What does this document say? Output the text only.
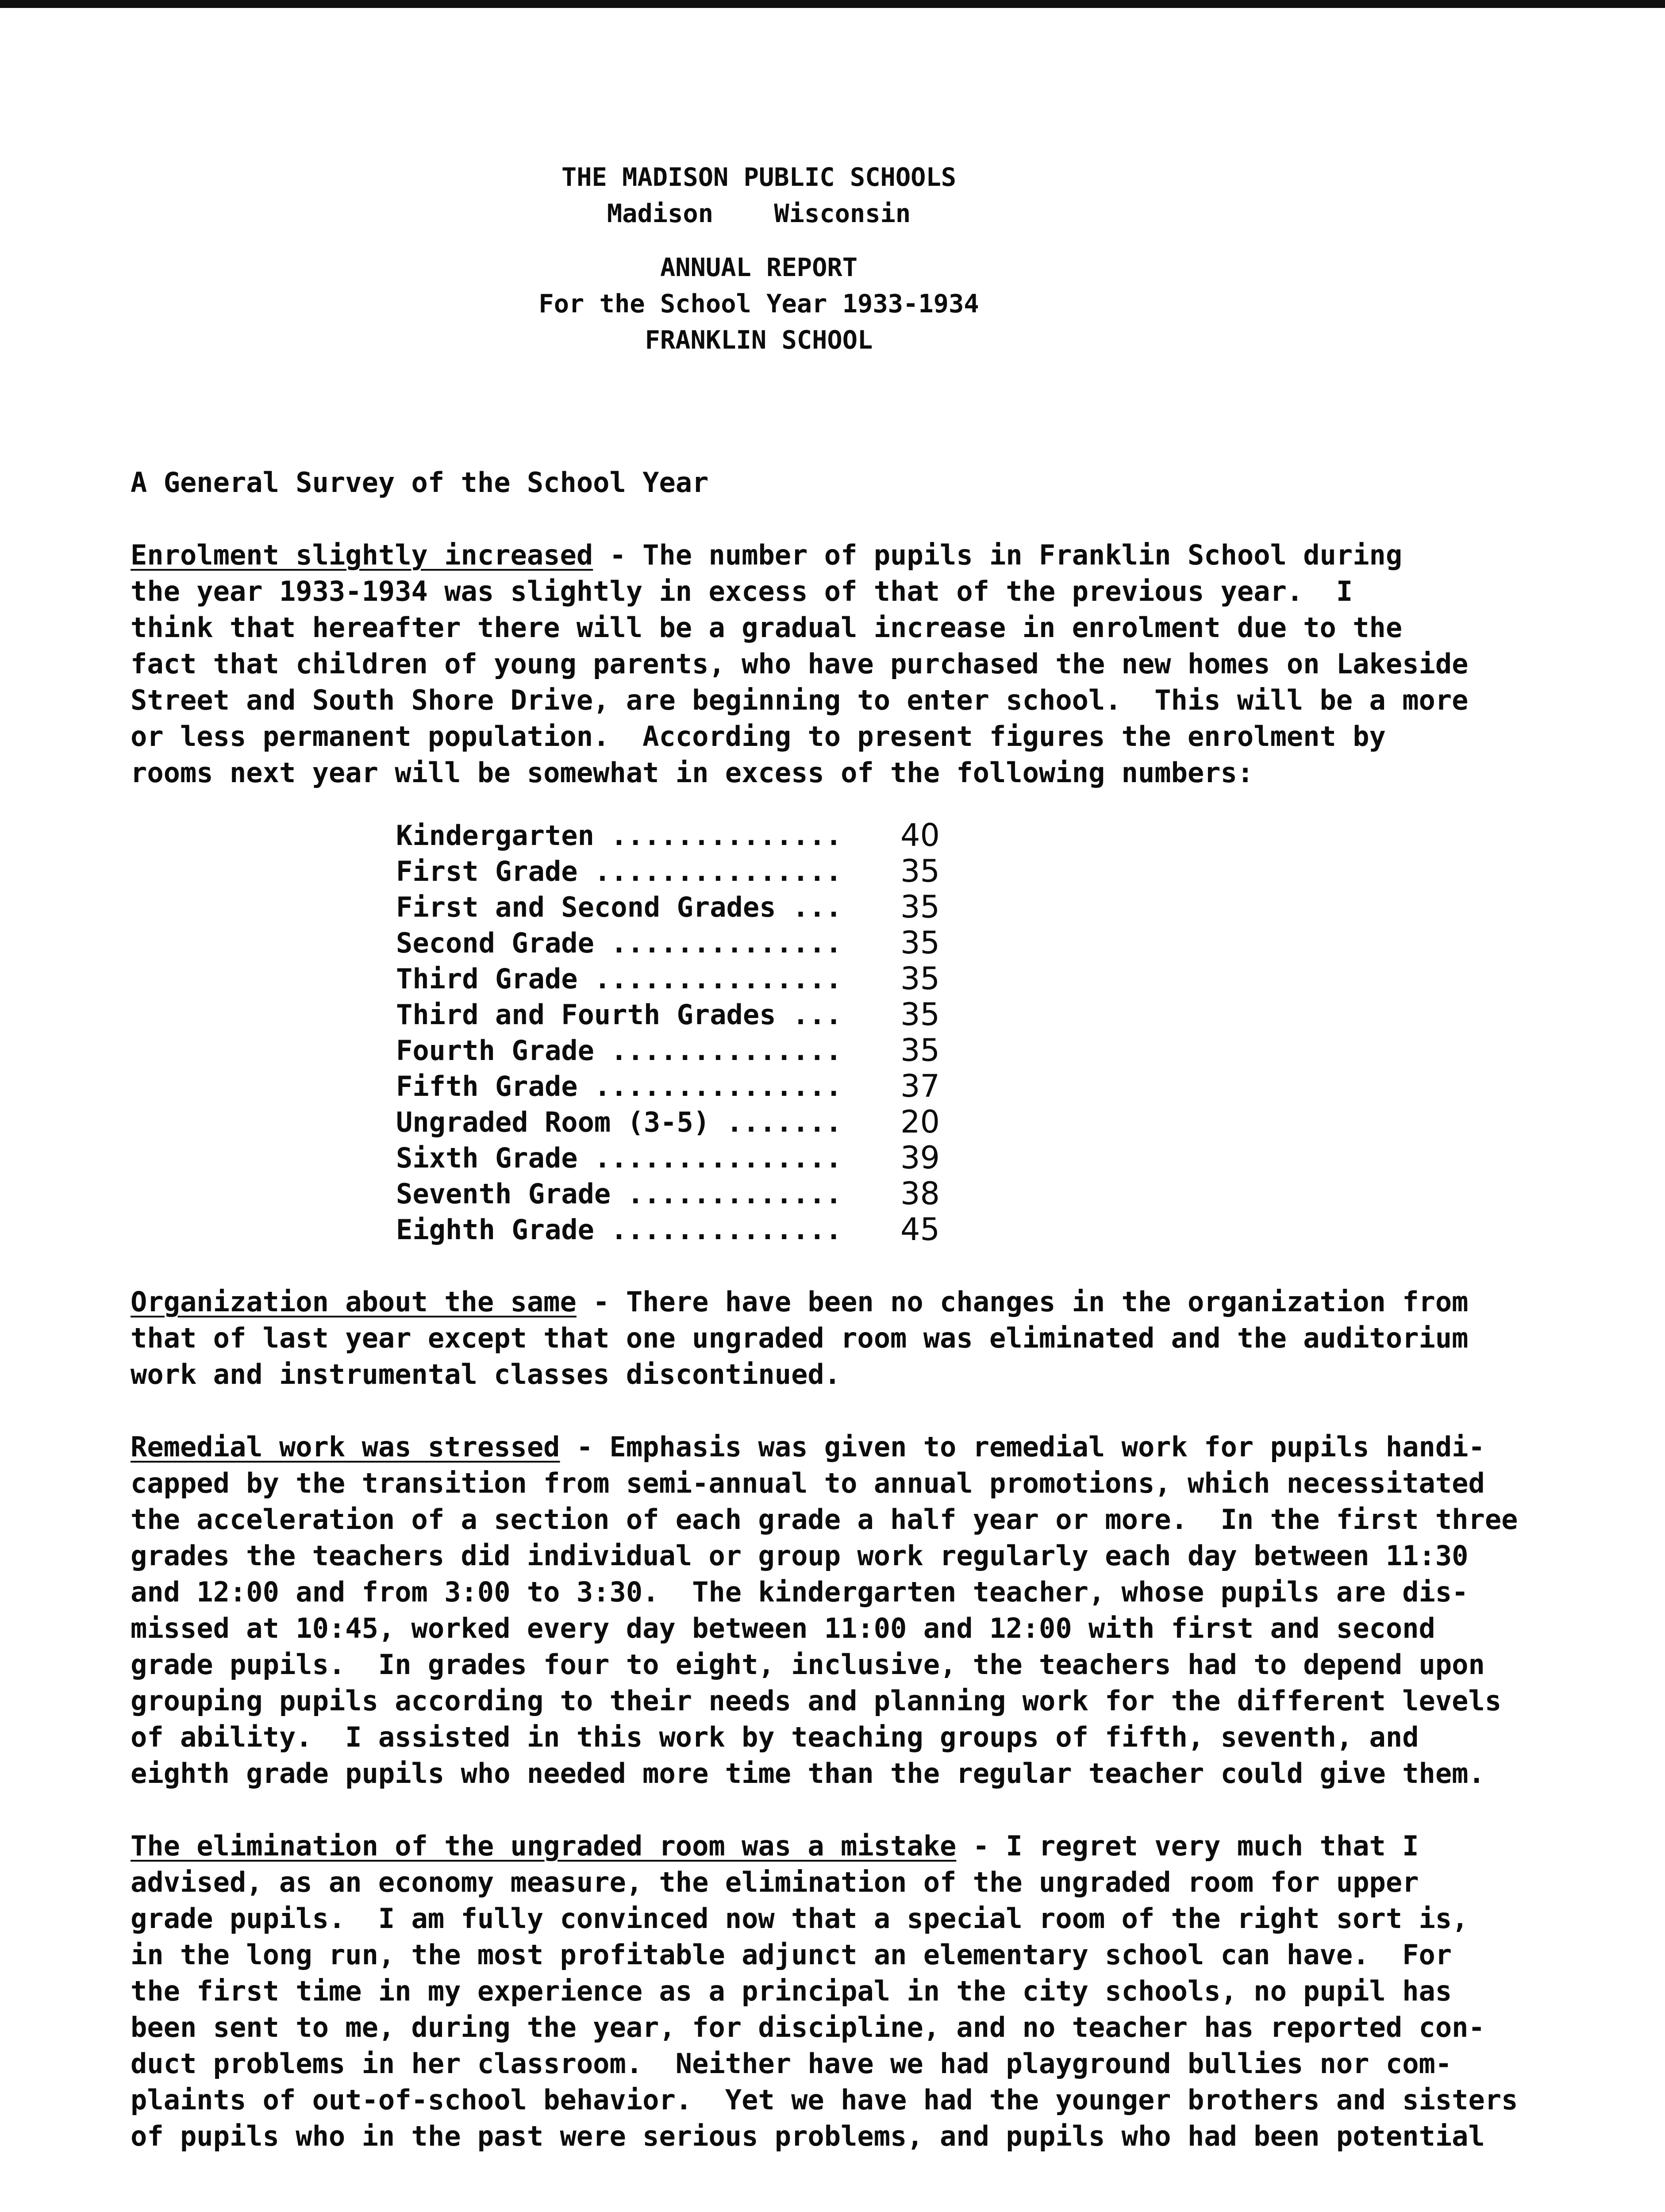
THE MADISON PUBLIC SCHOOLS
Madison Wisconsin
ANNUAL REPORT
For the School Year 1933-1934
FRANKLIN SCHOOL
A General Survey of the School Year
Enrolment slightly increased - The number of pupils in Franklin School during
the year 1933-1934 was slightly in excess of that of the previous year.  I
think that hereafter there will be a gradual increase in enrolment due to the
fact that children of young parents, who have purchased the new homes on Lakeside
Street and South Shore Drive, are beginning to enter school.  This will be a more
or less permanent population.  According to present figures the enrolment by
rooms next year will be somewhat in excess of the following numbers:
Kindergarten ..............	40
First Grade ...............	35
First and Second Grades ...	35
Second Grade ..............	35
Third Grade ...............	35
Third and Fourth Grades ...	35
Fourth Grade ..............	35
Fifth Grade ...............	37
Ungraded Room (3-5) .......	20
Sixth Grade ...............	39
Seventh Grade .............	38
Eighth Grade ..............	45
Organization about the same - There have been no changes in the organization from
that of last year except that one ungraded room was eliminated and the auditorium
work and instrumental classes discontinued.
Remedial work was stressed - Emphasis was given to remedial work for pupils handi-
capped by the transition from semi-annual to annual promotions, which necessitated
the acceleration of a section of each grade a half year or more.  In the first three
grades the teachers did individual or group work regularly each day between 11:30
and 12:00 and from 3:00 to 3:30.  The kindergarten teacher, whose pupils are dis-
missed at 10:45, worked every day between 11:00 and 12:00 with first and second
grade pupils.  In grades four to eight, inclusive, the teachers had to depend upon
grouping pupils according to their needs and planning work for the different levels
of ability.  I assisted in this work by teaching groups of fifth, seventh, and
eighth grade pupils who needed more time than the regular teacher could give them.
The elimination of the ungraded room was a mistake - I regret very much that I
advised, as an economy measure, the elimination of the ungraded room for upper
grade pupils.  I am fully convinced now that a special room of the right sort is,
in the long run, the most profitable adjunct an elementary school can have.  For
the first time in my experience as a principal in the city schools, no pupil has
been sent to me, during the year, for discipline, and no teacher has reported con-
duct problems in her classroom.  Neither have we had playground bullies nor com-
plaints of out-of-school behavior.  Yet we have had the younger brothers and sisters
of pupils who in the past were serious problems, and pupils who had been potential
